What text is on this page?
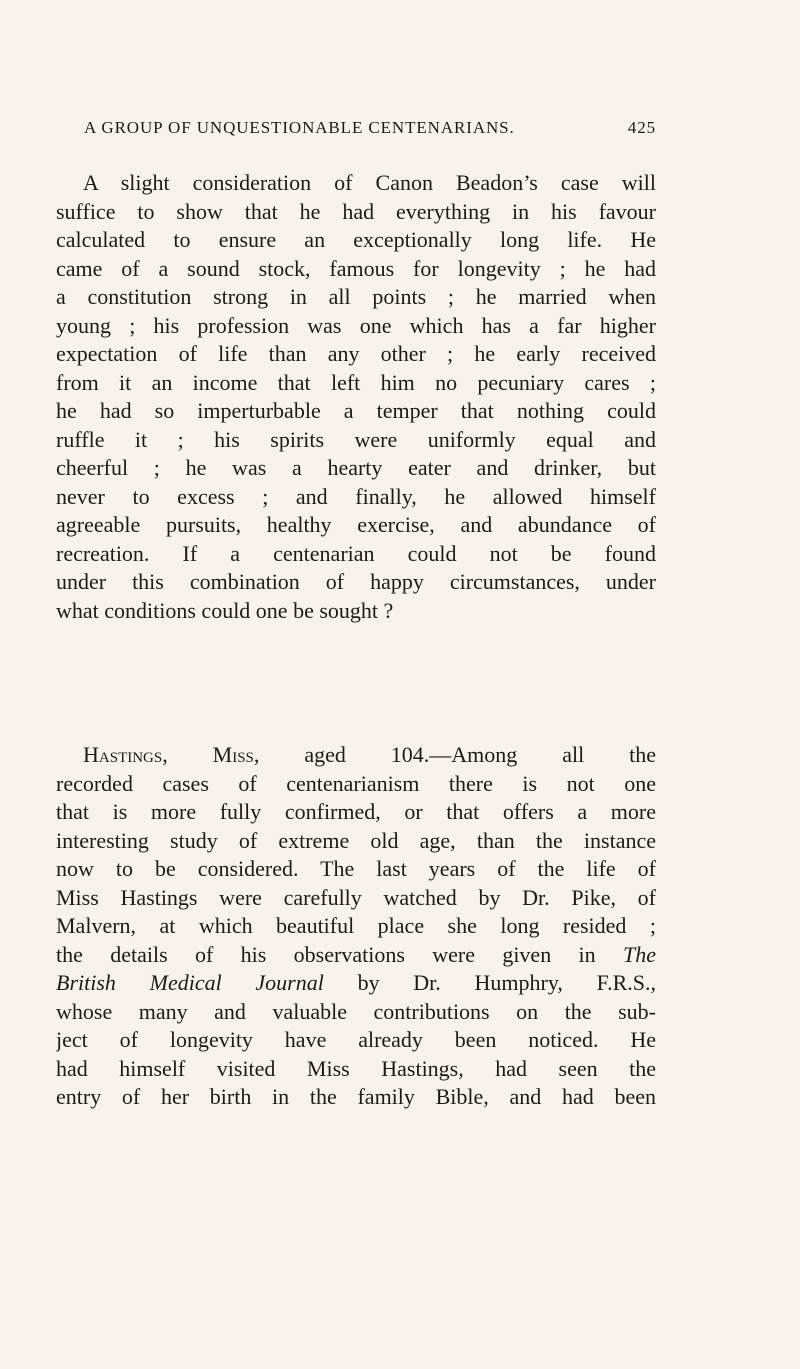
A GROUP OF UNQUESTIONABLE CENTENARIANS.	425
A slight consideration of Canon Beadon’s case will
suffice to show that he had everything in his favour
calculated to ensure an exceptionally long life. He
came of a sound stock, famous for longevity ; he had
a constitution strong in all points ; he married when
young ; his profession was one which has a far higher
expectation of life than any other ; he early received
from it an income that left him no pecuniary cares ;
he had so imperturbable a temper that nothing could
ruffle it ; his spirits were uniformly equal and
cheerful ; he was a hearty eater and drinker, but
never to excess ; and finally, he allowed himself
agreeable pursuits, healthy exercise, and abundance of
recreation. If a centenarian could not be found
under this combination of happy circumstances, under
what conditions could one be sought ?
Hastings, Miss, aged 104.—Among all the
recorded cases of centenarianism there is not one
that is more fully confirmed, or that offers a more
interesting study of extreme old age, than the instance
now to be considered. The last years of the life of
Miss Hastings were carefully watched by Dr. Pike, of
Malvern, at which beautiful place she long resided ;
the details of his observations were given in The
British Medical Journal by Dr. Humphry, F.R.S.,
whose many and valuable contributions on the sub-
ject of longevity have already been noticed. He
had himself visited Miss Hastings, had seen the
entry of her birth in the family Bible, and had been
